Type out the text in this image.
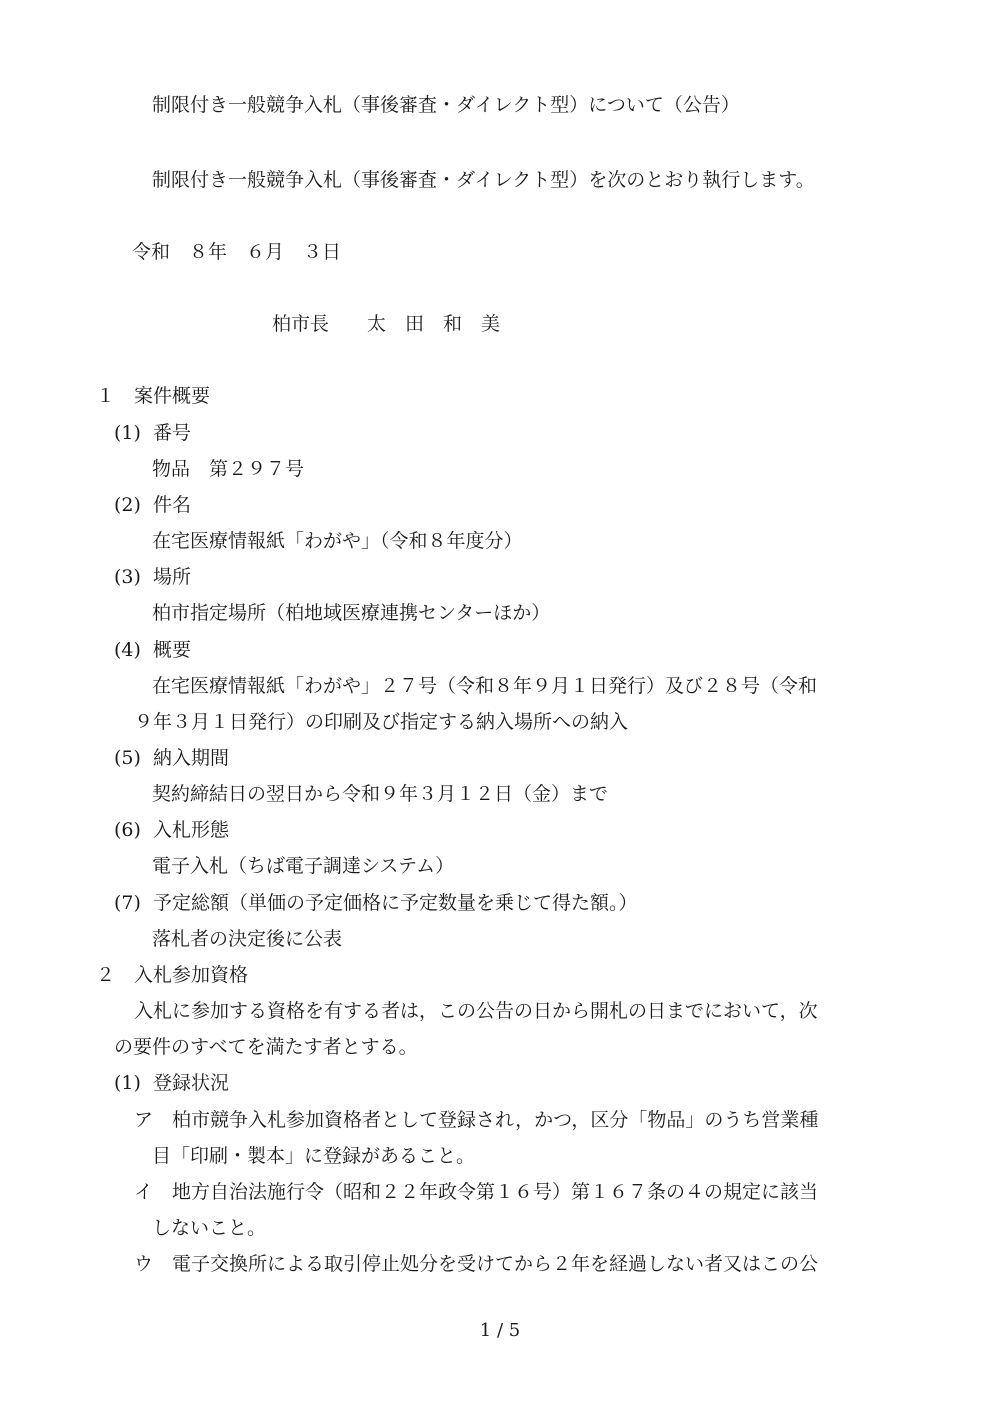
制限付き一般競争入札（事後審査・ダイレクト型）について（公告）
制限付き一般競争入札（事後審査・ダイレクト型）を次のとおり執行します。
令和　８年　６月　３日
柏市長　　太　田　和　美
１　案件概要
(1)  番号
物品　第２９７号
(2)  件名
在宅医療情報紙「わがや」（令和８年度分）
(3)  場所
柏市指定場所（柏地域医療連携センターほか）
(4)  概要
在宅医療情報紙「わがや」２７号（令和８年９月１日発行）及び２８号（令和
９年３月１日発行）の印刷及び指定する納入場所への納入
(5)  納入期間
契約締結日の翌日から令和９年３月１２日（金）まで
(6)  入札形態
電子入札（ちば電子調達システム）
(7)  予定総額（単価の予定価格に予定数量を乗じて得た額。）
落札者の決定後に公表
２　入札参加資格
入札に参加する資格を有する者は，この公告の日から開札の日までにおいて，次
の要件のすべてを満たす者とする。
(1)  登録状況
ア　柏市競争入札参加資格者として登録され，かつ，区分「物品」のうち営業種
目「印刷・製本」に登録があること。
イ　地方自治法施行令（昭和２２年政令第１６号）第１６７条の４の規定に該当
しないこと。
ウ　電子交換所による取引停止処分を受けてから２年を経過しない者又はこの公
1 / 5
